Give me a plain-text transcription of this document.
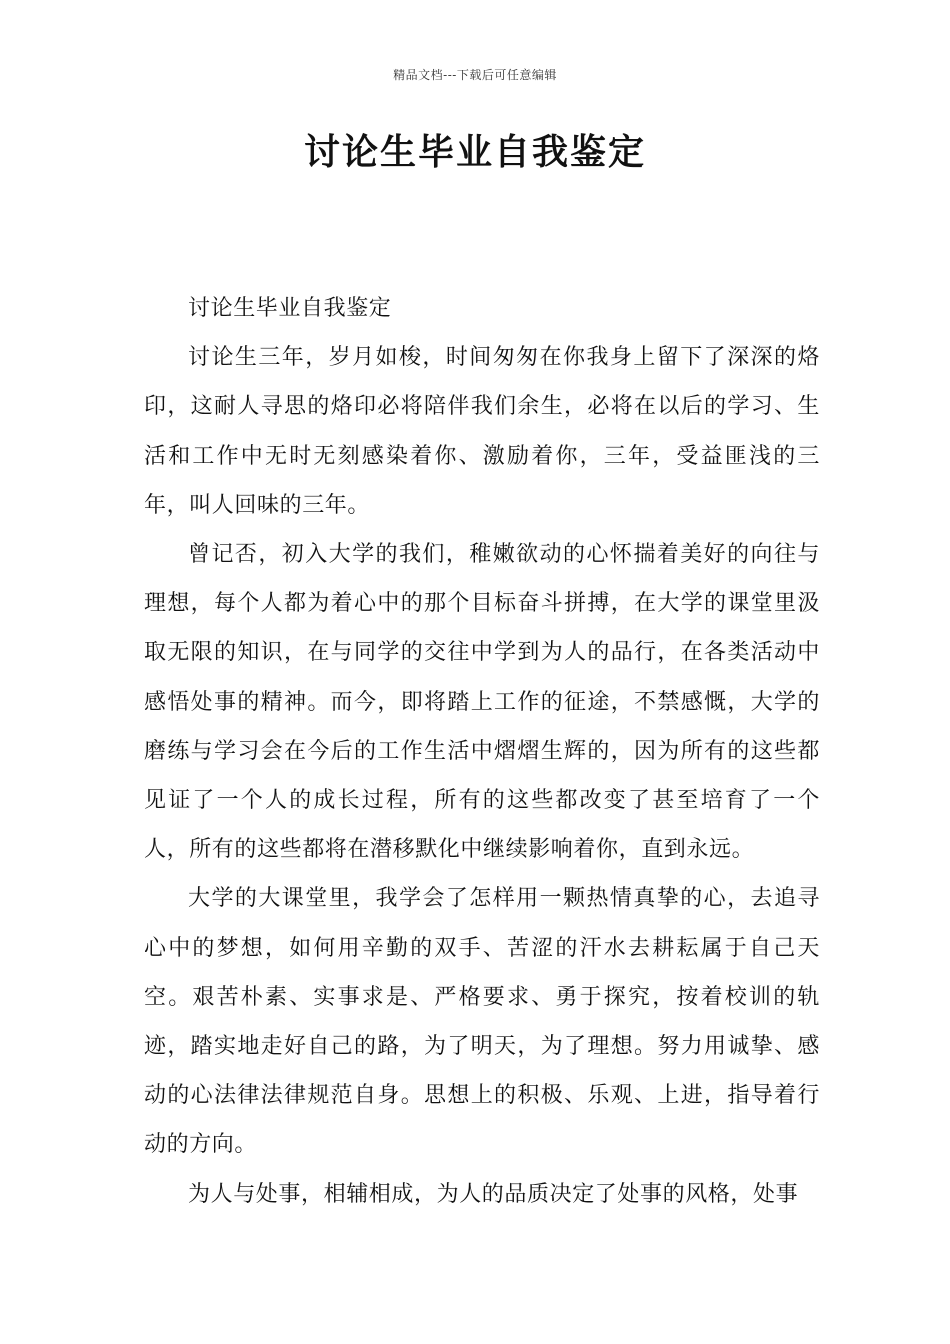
精品文档---下载后可任意编辑
讨论生毕业自我鉴定

讨论生毕业自我鉴定

讨论生三年，岁月如梭，时间匆匆在你我身上留下了深深的烙印，这耐人寻思的烙印必将陪伴我们余生，必将在以后的学习、生活和工作中无时无刻感染着你、激励着你，三年，受益匪浅的三年，叫人回味的三年。

曾记否，初入大学的我们，稚嫩欲动的心怀揣着美好的向往与理想，每个人都为着心中的那个目标奋斗拼搏，在大学的课堂里汲取无限的知识，在与同学的交往中学到为人的品行，在各类活动中感悟处事的精神。而今，即将踏上工作的征途，不禁感慨，大学的磨练与学习会在今后的工作生活中熠熠生辉的，因为所有的这些都见证了一个人的成长过程，所有的这些都改变了甚至培育了一个人，所有的这些都将在潜移默化中继续影响着你，直到永远。

大学的大课堂里，我学会了怎样用一颗热情真挚的心，去追寻心中的梦想，如何用辛勤的双手、苦涩的汗水去耕耘属于自己天空。艰苦朴素、实事求是、严格要求、勇于探究，按着校训的轨迹，踏实地走好自己的路，为了明天，为了理想。努力用诚挚、感动的心法律法律规范自身。思想上的积极、乐观、上进，指导着行动的方向。

为人与处事，相辅相成，为人的品质决定了处事的风格，处事
